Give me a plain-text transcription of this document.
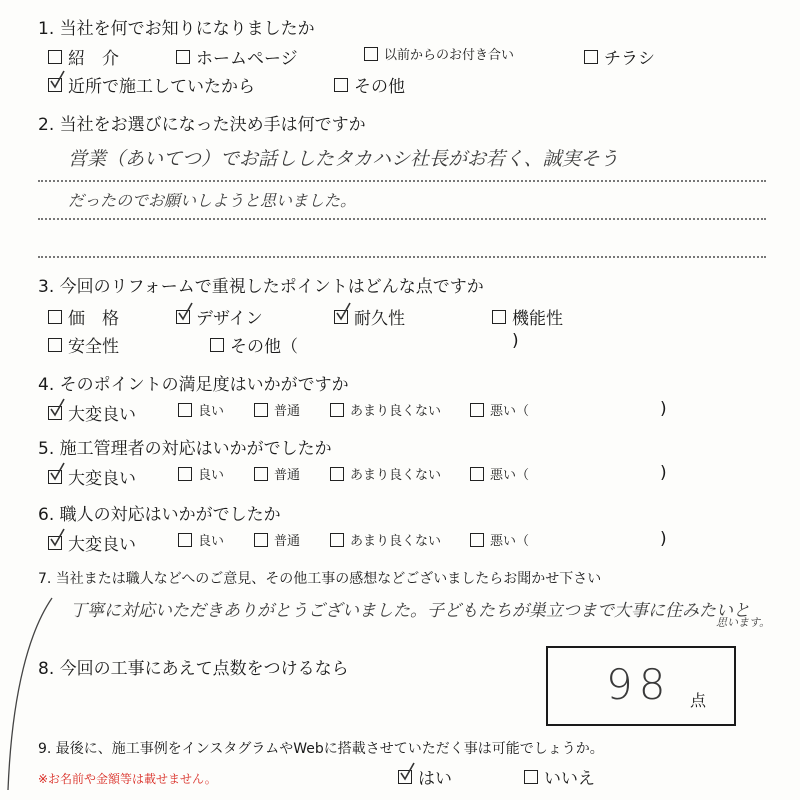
1. 当社を何でお知りになりましたか
紹　介	ホームページ	以前からのお付き合い	チラシ
近所で施工していたから	その他
2. 当社をお選びになった決め手は何ですか
営業（あいてつ）でお話ししたタカハシ社長がお若く、誠実そう
だったのでお願いしようと思いました。
3. 今回のリフォームで重視したポイントはどんな点ですか
価　格	デザイン	耐久性	機能性
安全性	その他（	)
4. そのポイントの満足度はいかがですか
大変良い	良い	普通	あまり良くない	悪い（	)
5. 施工管理者の対応はいかがでしたか
大変良い	良い	普通	あまり良くない	悪い（	)
6. 職人の対応はいかがでしたか
大変良い	良い	普通	あまり良くない	悪い（	)
7. 当社または職人などへのご意見、その他工事の感想などございましたらお聞かせ下さい
丁寧に対応いただきありがとうございました。子どもたちが巣立つまで大事に住みたいと
思います。
8. 今回の工事にあえて点数をつけるなら	98 点
9. 最後に、施工事例をインスタグラムやWebに搭載させていただく事は可能でしょうか。
※お名前や金額等は載せません。	はい	いいえ
